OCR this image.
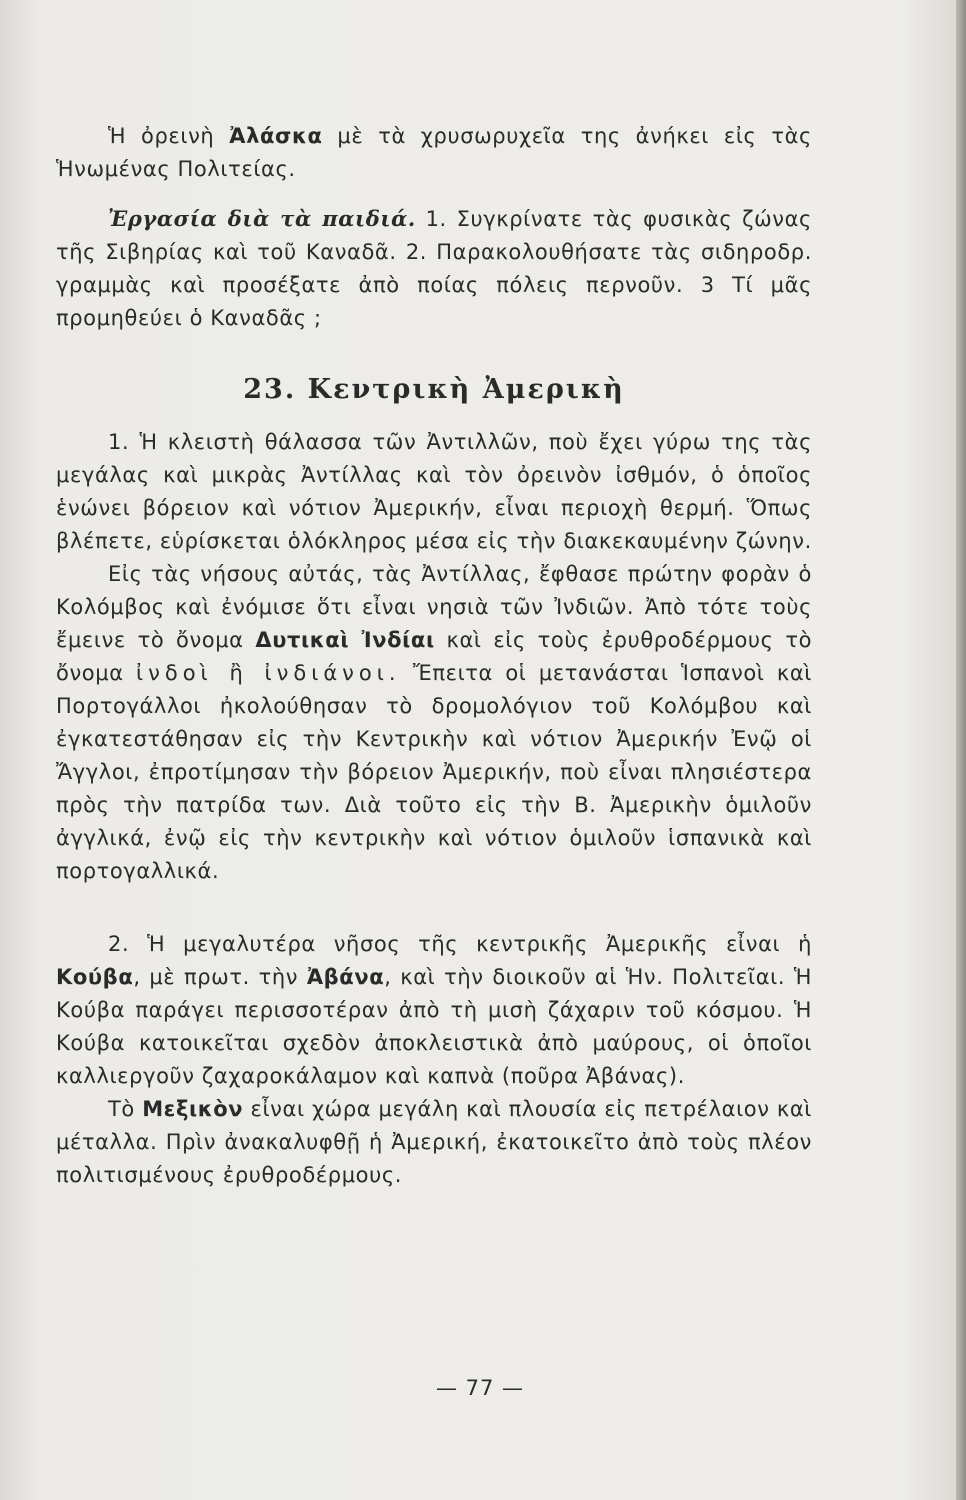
Ἡ ὀρεινὴ Ἀλάσκα μὲ τὰ χρυσωρυχεῖα της ἀνήκει εἰς τὰς Ἡνωμένας Πολιτείας.

Ἐργασία διὰ τὰ παιδιά. 1. Συγκρίνατε τὰς φυσικὰς ζώνας τῆς Σιβηρίας καὶ τοῦ Καναδᾶ. 2. Παρακολουθήσατε τὰς σιδηροδρ. γραμμὰς καὶ προσέξατε ἀπὸ ποίας πόλεις περνοῦν. 3 Τί μᾶς προμηθεύει ὁ Καναδᾶς ;

23. Κεντρικὴ Ἀμερικὴ

1. Ἡ κλειστὴ θάλασσα τῶν Ἀντιλλῶν, ποὺ ἔχει γύρω της τὰς μεγάλας καὶ μικρὰς Ἀντίλλας καὶ τὸν ὀρεινὸν ἰσθμόν, ὁ ὁποῖος ἑνώνει βόρειον καὶ νότιον Ἀμερικήν, εἶναι περιοχὴ θερμή. Ὅπως βλέπετε, εὑρίσκεται ὁλόκληρος μέσα εἰς τὴν διακεκαυμένην ζώνην.

Εἰς τὰς νήσους αὐτάς, τὰς Ἀντίλλας, ἔφθασε πρώτην φορὰν ὁ Κολόμβος καὶ ἐνόμισε ὅτι εἶναι νησιὰ τῶν Ἰνδιῶν. Ἀπὸ τότε τοὺς ἔμεινε τὸ ὄνομα Δυτικαὶ Ἰνδίαι καὶ εἰς τοὺς ἐρυθροδέρμους τὸ ὄνομα ἰνδοὶ ἢ ἰνδιάνοι. Ἔπειτα οἱ μετανάσται Ἱσπανοὶ καὶ Πορτογάλλοι ἠκολούθησαν τὸ δρομολόγιον τοῦ Κολόμβου καὶ ἐγκατεστάθησαν εἰς τὴν Κεντρικὴν καὶ νότιον Ἀμερικήν Ἐνῷ οἱ Ἄγγλοι, ἐπροτίμησαν τὴν βόρειον Ἀμερικήν, ποὺ εἶναι πλησιέστερα πρὸς τὴν πατρίδα των. Διὰ τοῦτο εἰς τὴν Β. Ἀμερικὴν ὁμιλοῦν ἀγγλικά, ἐνῷ εἰς τὴν κεντρικὴν καὶ νότιον ὁμιλοῦν ἱσπανικὰ καὶ πορτογαλλικά.

2. Ἡ μεγαλυτέρα νῆσος τῆς κεντρικῆς Ἀμερικῆς εἶναι ἡ Κούβα, μὲ πρωτ. τὴν Ἀβάνα, καὶ τὴν διοικοῦν αἱ Ἡν. Πολιτεῖαι. Ἡ Κούβα παράγει περισσοτέραν ἀπὸ τὴ μισὴ ζάχαριν τοῦ κόσμου. Ἡ Κούβα κατοικεῖται σχεδὸν ἀποκλειστικὰ ἀπὸ μαύρους, οἱ ὁποῖοι καλλιεργοῦν ζαχαροκάλαμον καὶ καπνὰ (ποῦρα Ἀβάνας).

Τὸ Μεξικὸν εἶναι χώρα μεγάλη καὶ πλουσία εἰς πετρέλαιον καὶ μέταλλα. Πρὶν ἀνακαλυφθῇ ἡ Ἀμερική, ἐκατοικεῖτο ἀπὸ τοὺς πλέον πολιτισμένους ἐρυθροδέρμους.

— 77 —
